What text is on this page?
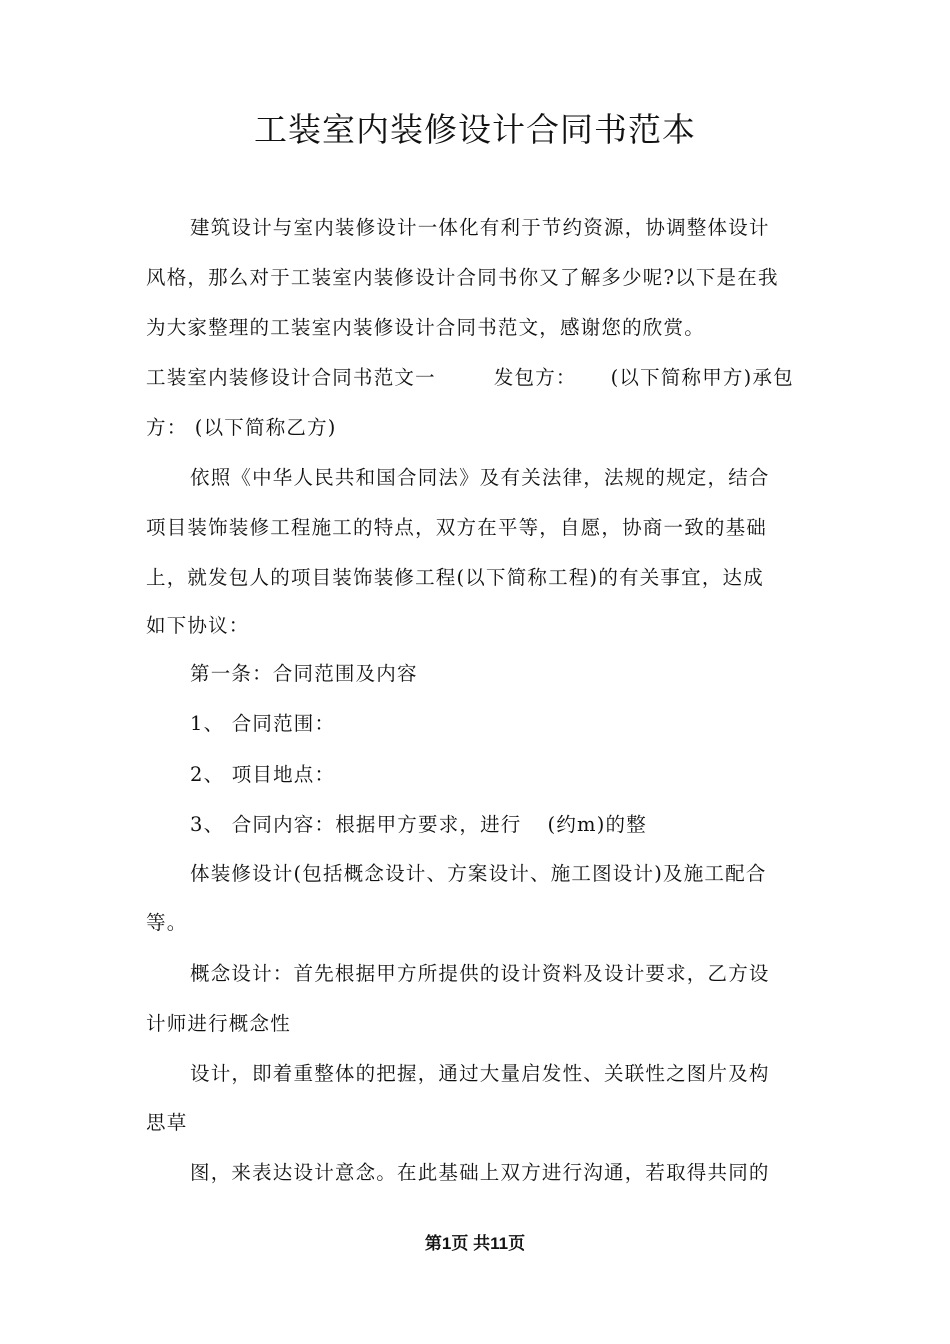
工装室内装修设计合同书范本
建筑设计与室内装修设计一体化有利于节约资源，协调整体设计
风格，那么对于工装室内装修设计合同书你又了解多少呢?以下是在我
为大家整理的工装室内装修设计合同书范文，感谢您的欣赏。
工装室内装修设计合同书范文一	发包方： (以下简称甲方)承包
方： (以下简称乙方)
依照《中华人民共和国合同法》及有关法律，法规的规定，结合
项目装饰装修工程施工的特点，双方在平等，自愿，协商一致的基础
上，就发包人的项目装饰装修工程(以下简称工程)的有关事宜，达成
如下协议：
第一条：合同范围及内容
1、 合同范围：
2、 项目地点：
3、 合同内容：根据甲方要求，进行 (约m)的整
体装修设计(包括概念设计、方案设计、施工图设计)及施工配合
等。
概念设计：首先根据甲方所提供的设计资料及设计要求，乙方设
计师进行概念性
设计，即着重整体的把握，通过大量启发性、关联性之图片及构
思草
图，来表达设计意念。在此基础上双方进行沟通，若取得共同的
第1页 共11页
